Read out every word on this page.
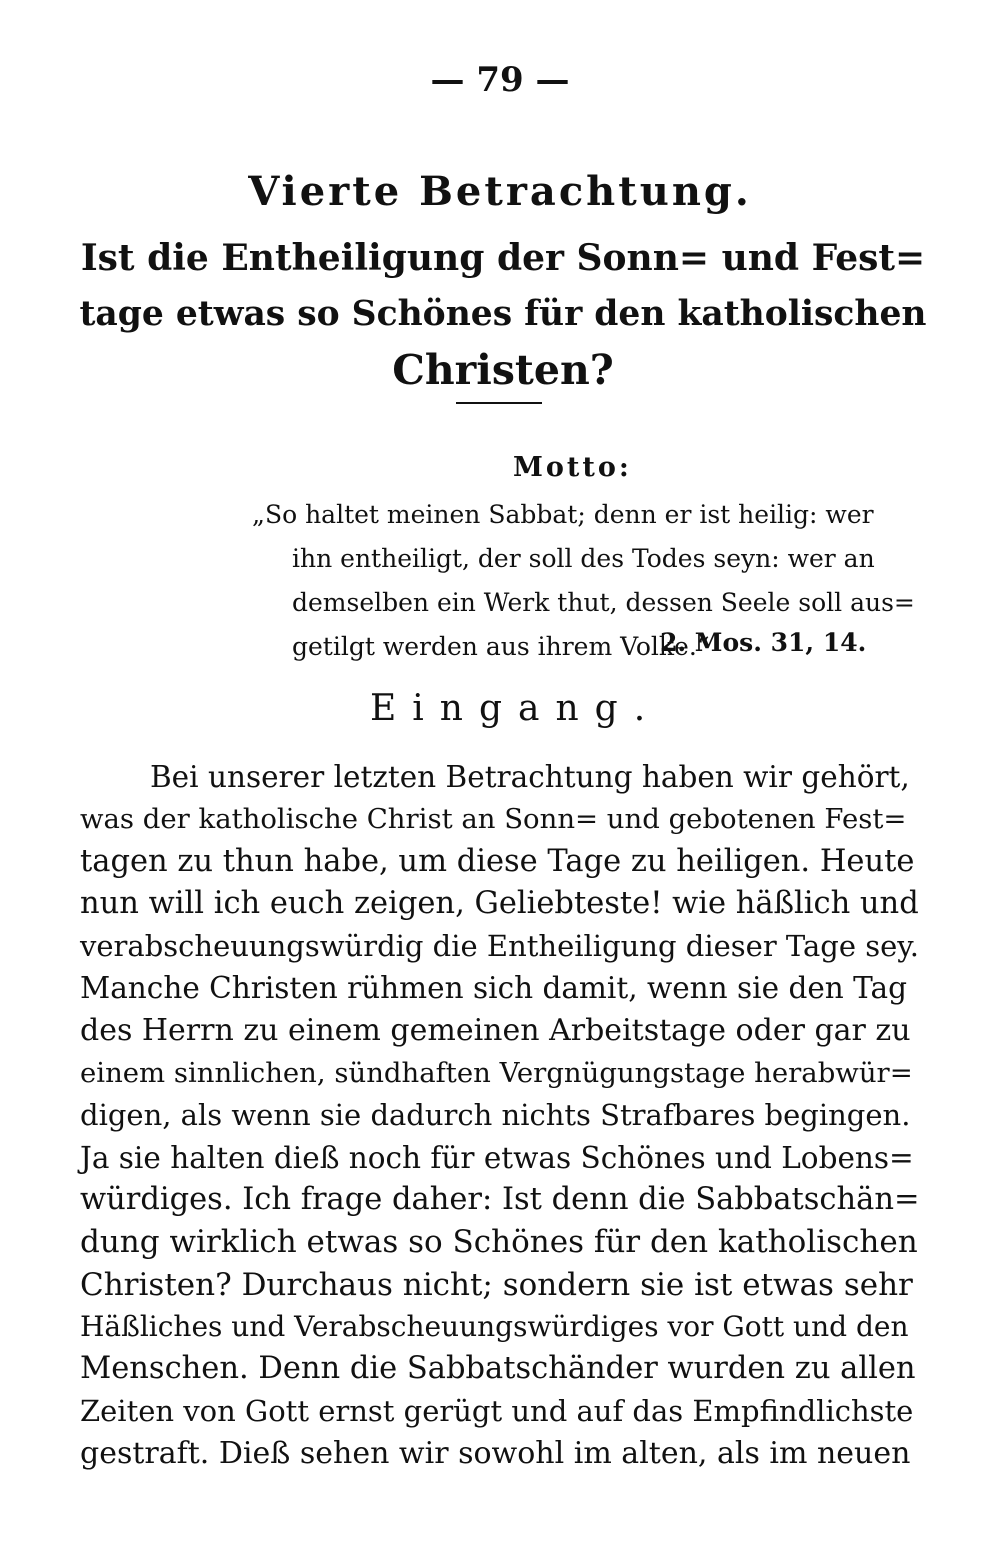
— 79 —
Vierte Betrachtung.
Ist die Entheiligung der Sonn= und Fest=
tage etwas so Schönes für den katholischen
Christen?
Motto:
„So haltet meinen Sabbat; denn er ist heilig: wer
ihn entheiligt, der soll des Todes seyn: wer an
demselben ein Werk thut, dessen Seele soll aus=
getilgt werden aus ihrem Volke.“
2. Mos. 31, 14.
Eingang.
Bei unserer letzten Betrachtung haben wir gehört,
was der katholische Christ an Sonn= und gebotenen Fest=
tagen zu thun habe, um diese Tage zu heiligen. Heute
nun will ich euch zeigen, Geliebteste! wie häßlich und
verabscheuungswürdig die Entheiligung dieser Tage sey.
Manche Christen rühmen sich damit, wenn sie den Tag
des Herrn zu einem gemeinen Arbeitstage oder gar zu
einem sinnlichen, sündhaften Vergnügungstage herabwür=
digen, als wenn sie dadurch nichts Strafbares begingen.
Ja sie halten dieß noch für etwas Schönes und Lobens=
würdiges. Ich frage daher: Ist denn die Sabbatschän=
dung wirklich etwas so Schönes für den katholischen
Christen? Durchaus nicht; sondern sie ist etwas sehr
Häßliches und Verabscheuungswürdiges vor Gott und den
Menschen. Denn die Sabbatschänder wurden zu allen
Zeiten von Gott ernst gerügt und auf das Empfindlichste
gestraft. Dieß sehen wir sowohl im alten, als im neuen
